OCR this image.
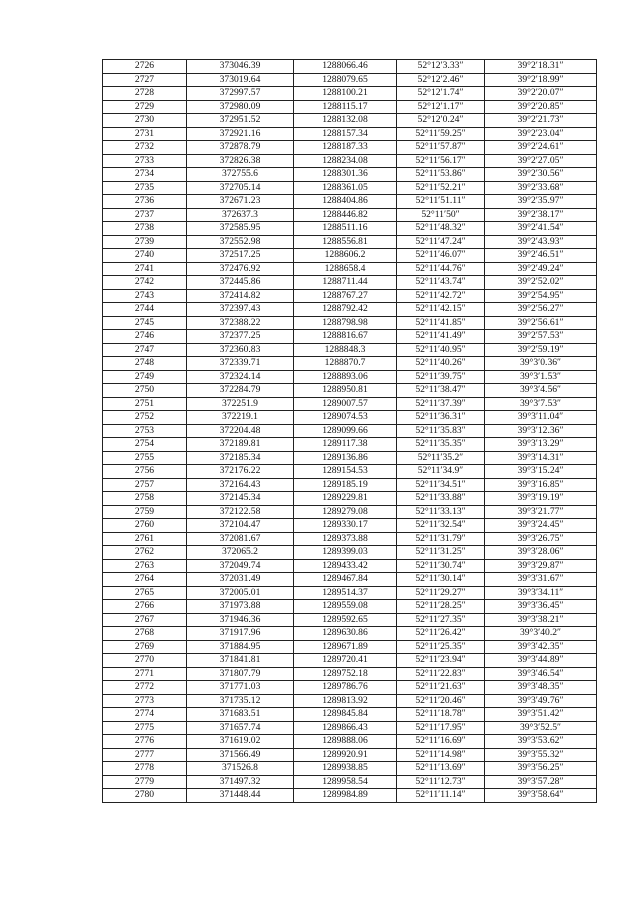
2726	373046.39	1288066.46	52°12′3.33″	39°2′18.31″
2727	373019.64	1288079.65	52°12′2.46″	39°2′18.99″
2728	372997.57	1288100.21	52°12′1.74″	39°2′20.07″
2729	372980.09	1288115.17	52°12′1.17″	39°2′20.85″
2730	372951.52	1288132.08	52°12′0.24″	39°2′21.73″
2731	372921.16	1288157.34	52°11′59.25″	39°2′23.04″
2732	372878.79	1288187.33	52°11′57.87″	39°2′24.61″
2733	372826.38	1288234.08	52°11′56.17″	39°2′27.05″
2734	372755.6	1288301.36	52°11′53.86″	39°2′30.56″
2735	372705.14	1288361.05	52°11′52.21″	39°2′33.68″
2736	372671.23	1288404.86	52°11′51.11″	39°2′35.97″
2737	372637.3	1288446.82	52°11′50″	39°2′38.17″
2738	372585.95	1288511.16	52°11′48.32″	39°2′41.54″
2739	372552.98	1288556.81	52°11′47.24″	39°2′43.93″
2740	372517.25	1288606.2	52°11′46.07″	39°2′46.51″
2741	372476.92	1288658.4	52°11′44.76″	39°2′49.24″
2742	372445.86	1288711.44	52°11′43.74″	39°2′52.02″
2743	372414.82	1288767.27	52°11′42.72″	39°2′54.95″
2744	372397.43	1288792.42	52°11′42.15″	39°2′56.27″
2745	372388.22	1288798.98	52°11′41.85″	39°2′56.61″
2746	372377.25	1288816.67	52°11′41.49″	39°2′57.53″
2747	372360.83	1288848.3	52°11′40.95″	39°2′59.19″
2748	372339.71	1288870.7	52°11′40.26″	39°3′0.36″
2749	372324.14	1288893.06	52°11′39.75″	39°3′1.53″
2750	372284.79	1288950.81	52°11′38.47″	39°3′4.56″
2751	372251.9	1289007.57	52°11′37.39″	39°3′7.53″
2752	372219.1	1289074.53	52°11′36.31″	39°3′11.04″
2753	372204.48	1289099.66	52°11′35.83″	39°3′12.36″
2754	372189.81	1289117.38	52°11′35.35″	39°3′13.29″
2755	372185.34	1289136.86	52°11′35.2″	39°3′14.31″
2756	372176.22	1289154.53	52°11′34.9″	39°3′15.24″
2757	372164.43	1289185.19	52°11′34.51″	39°3′16.85″
2758	372145.34	1289229.81	52°11′33.88″	39°3′19.19″
2759	372122.58	1289279.08	52°11′33.13″	39°3′21.77″
2760	372104.47	1289330.17	52°11′32.54″	39°3′24.45″
2761	372081.67	1289373.88	52°11′31.79″	39°3′26.75″
2762	372065.2	1289399.03	52°11′31.25″	39°3′28.06″
2763	372049.74	1289433.42	52°11′30.74″	39°3′29.87″
2764	372031.49	1289467.84	52°11′30.14″	39°3′31.67″
2765	372005.01	1289514.37	52°11′29.27″	39°3′34.11″
2766	371973.88	1289559.08	52°11′28.25″	39°3′36.45″
2767	371946.36	1289592.65	52°11′27.35″	39°3′38.21″
2768	371917.96	1289630.86	52°11′26.42″	39°3′40.2″
2769	371884.95	1289671.89	52°11′25.35″	39°3′42.35″
2770	371841.81	1289720.41	52°11′23.94″	39°3′44.89″
2771	371807.79	1289752.18	52°11′22.83″	39°3′46.54″
2772	371771.03	1289786.76	52°11′21.63″	39°3′48.35″
2773	371735.12	1289813.92	52°11′20.46″	39°3′49.76″
2774	371683.51	1289845.84	52°11′18.78″	39°3′51.42″
2775	371657.74	1289866.43	52°11′17.95″	39°3′52.5″
2776	371619.02	1289888.06	52°11′16.69″	39°3′53.62″
2777	371566.49	1289920.91	52°11′14.98″	39°3′55.32″
2778	371526.8	1289938.85	52°11′13.69″	39°3′56.25″
2779	371497.32	1289958.54	52°11′12.73″	39°3′57.28″
2780	371448.44	1289984.89	52°11′11.14″	39°3′58.64″
